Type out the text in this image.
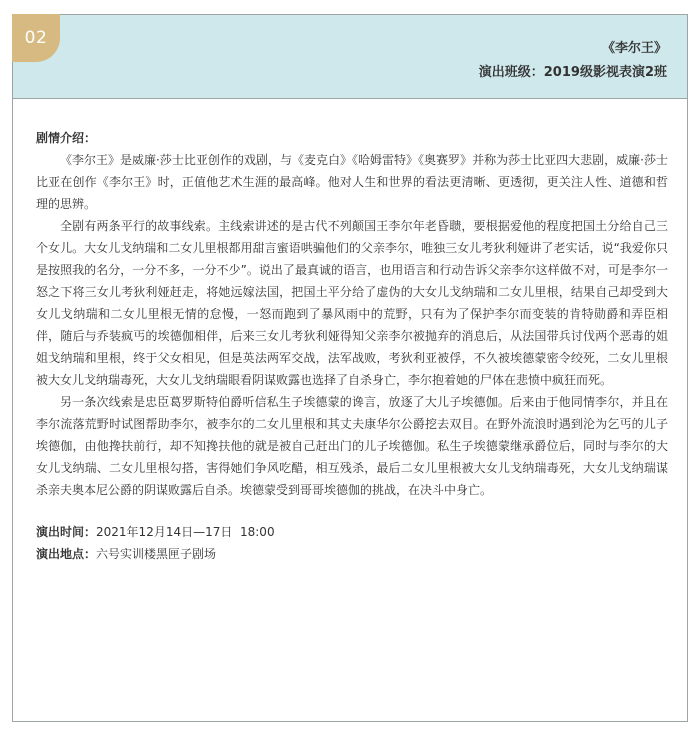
02
《李尔王》
演出班级：2019级影视表演2班

剧情介绍：

《李尔王》是威廉·莎士比亚创作的戏剧，与《麦克白》《哈姆雷特》《奥赛罗》并称为莎士比亚四大悲剧，威廉·莎士比亚在创作《李尔王》时，正值他艺术生涯的最高峰。他对人生和世界的看法更清晰、更透彻，更关注人性、道德和哲理的思辨。

全剧有两条平行的故事线索。主线索讲述的是古代不列颠国王李尔年老昏聩，要根据爱他的程度把国土分给自己三个女儿。大女儿戈纳瑞和二女儿里根都用甜言蜜语哄骗他们的父亲李尔，唯独三女儿考狄利娅讲了老实话，说“我爱你只是按照我的名分，一分不多，一分不少”。说出了最真诚的语言，也用语言和行动告诉父亲李尔这样做不对，可是李尔一怒之下将三女儿考狄利娅赶走，将她远嫁法国，把国土平分给了虚伪的大女儿戈纳瑞和二女儿里根，结果自己却受到大女儿戈纳瑞和二女儿里根无情的怠慢，一怒而跑到了暴风雨中的荒野，只有为了保护李尔而变装的肯特勋爵和弄臣相伴，随后与乔装疯丐的埃德伽相伴，后来三女儿考狄利娅得知父亲李尔被抛弃的消息后，从法国带兵讨伐两个恶毒的姐姐戈纳瑞和里根，终于父女相见，但是英法两军交战，法军战败，考狄利亚被俘，不久被埃德蒙密令绞死，二女儿里根被大女儿戈纳瑞毒死，大女儿戈纳瑞眼看阴谋败露也选择了自杀身亡，李尔抱着她的尸体在悲愤中疯狂而死。

另一条次线索是忠臣葛罗斯特伯爵听信私生子埃德蒙的谗言，放逐了大儿子埃德伽。后来由于他同情李尔，并且在李尔流落荒野时试图帮助李尔，被李尔的二女儿里根和其丈夫康华尔公爵挖去双目。在野外流浪时遇到沦为乞丐的儿子埃德伽，由他搀扶前行，却不知搀扶他的就是被自己赶出门的儿子埃德伽。私生子埃德蒙继承爵位后，同时与李尔的大女儿戈纳瑞、二女儿里根勾搭，害得她们争风吃醋，相互残杀，最后二女儿里根被大女儿戈纳瑞毒死，大女儿戈纳瑞谋杀亲夫奥本尼公爵的阴谋败露后自杀。埃德蒙受到哥哥埃德伽的挑战，在决斗中身亡。

演出时间：2021年12月14日—17日  18:00

演出地点：六号实训楼黑匣子剧场
